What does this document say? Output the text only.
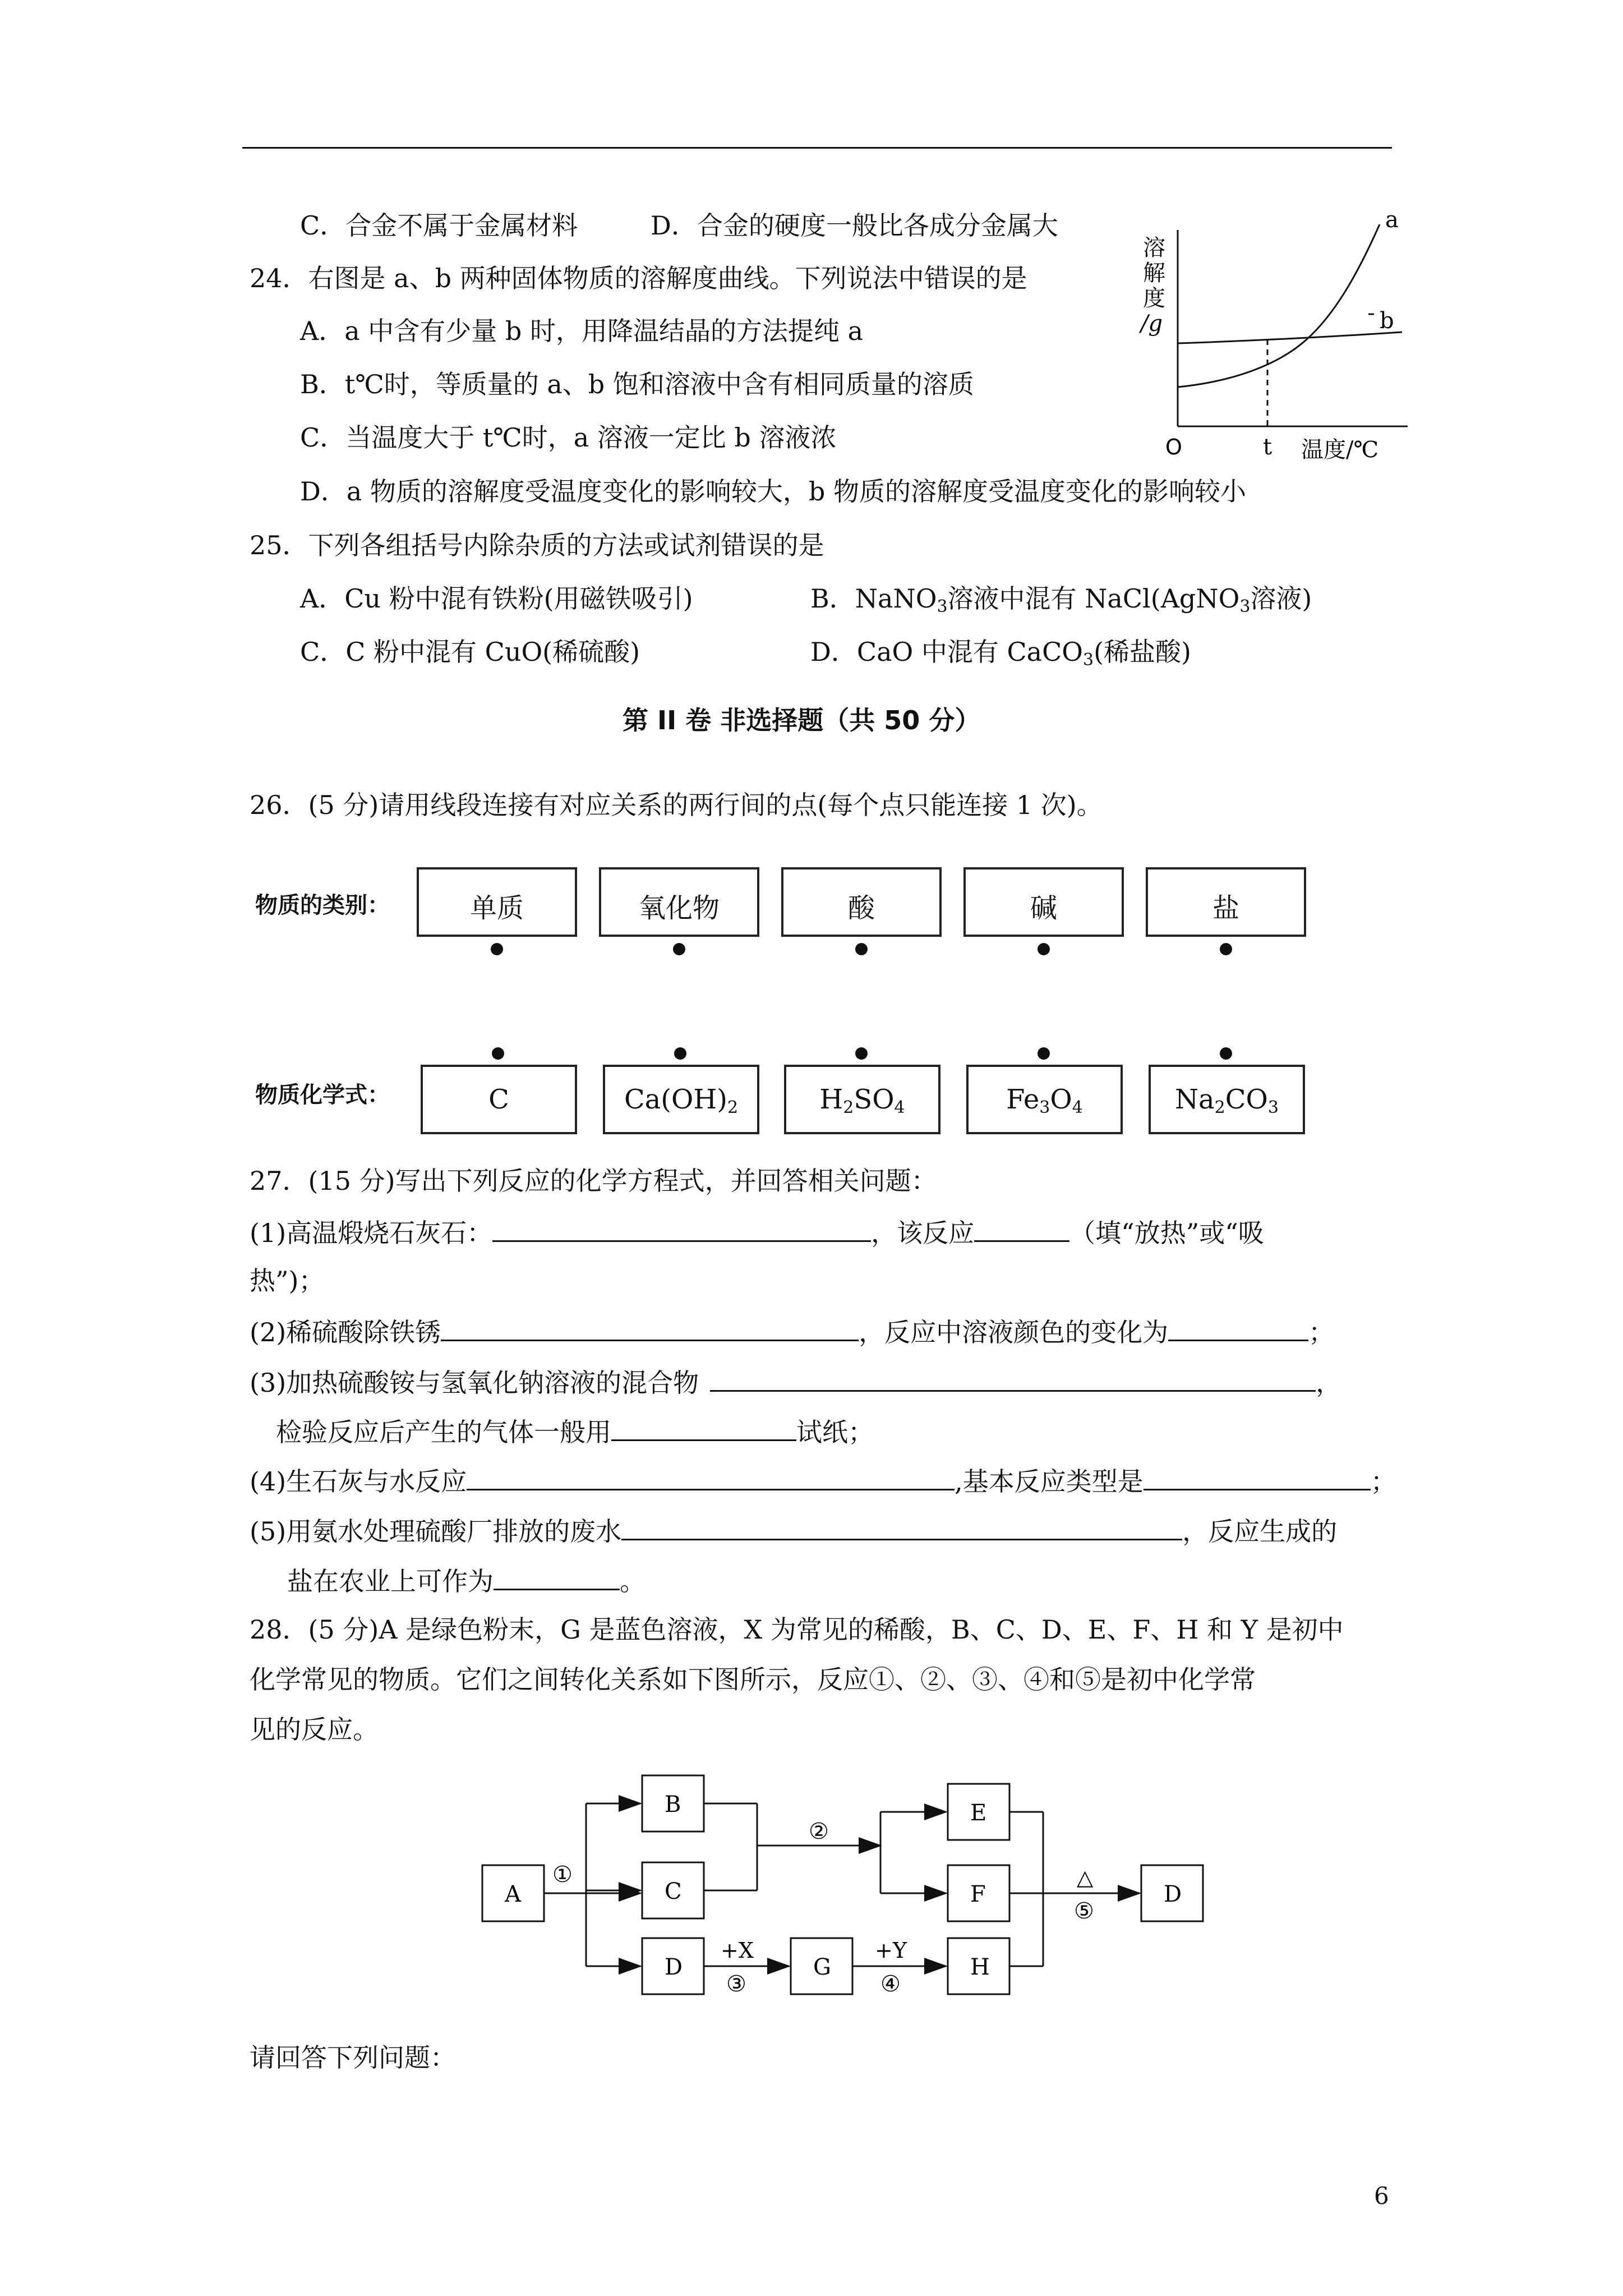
C．合金不属于金属材料	D．合金的硬度一般比各成分金属大
24．右图是 a、b 两种固体物质的溶解度曲线。下列说法中错误的是
A．a 中含有少量 b 时，用降温结晶的方法提纯 a
B．t℃时，等质量的 a、b 饱和溶液中含有相同质量的溶质
C．当温度大于 t℃时，a 溶液一定比 b 溶液浓
D．a 物质的溶解度受温度变化的影响较大，b 物质的溶解度受温度变化的影响较小
溶
解
度
/g
a
b
O	t 温度/℃
25．下列各组括号内除杂质的方法或试剂错误的是
A．Cu 粉中混有铁粉(用磁铁吸引)	B．NaNO$_3$溶液中混有 NaCl(AgNO$_3$溶液)
C．C 粉中混有 CuO(稀硫酸)	D．CaO 中混有 CaCO$_3$(稀盐酸)
第 II 卷 非选择题（共 50 分）
26．(5 分)请用线段连接有对应关系的两行间的点(每个点只能连接 1 次)。
物质的类别：
物质化学式：
单质	氧化物	酸	碱	盐
C	$Ca(OH)_2$	$H_2SO_4$	$Fe_3O_4$	$Na_2CO_3$
27．(15 分)写出下列反应的化学方程式，并回答相关问题：
(1)高温煅烧石灰石：	，该反应	（填“放热”或“吸
热”)；
(2)稀硫酸除铁锈	，反应中溶液颜色的变化为	；
(3)加热硫酸铵与氢氧化钠溶液的混合物	，
检验反应后产生的气体一般用	试纸；
(4)生石灰与水反应	,基本反应类型是	；
(5)用氨水处理硫酸厂排放的废水	，反应生成的
盐在农业上可作为	。
28．(5 分)A 是绿色粉末，G 是蓝色溶液，X 为常见的稀酸，B、C、D、E、F、H 和 Y 是初中
化学常见的物质。它们之间转化关系如下图所示，反应①、②、③、④和⑤是初中化学常
见的反应。
A
B
C
D	G	H
E
F	D
①
②
+X
③
+Y
④
△
⑤
请回答下列问题：
6
